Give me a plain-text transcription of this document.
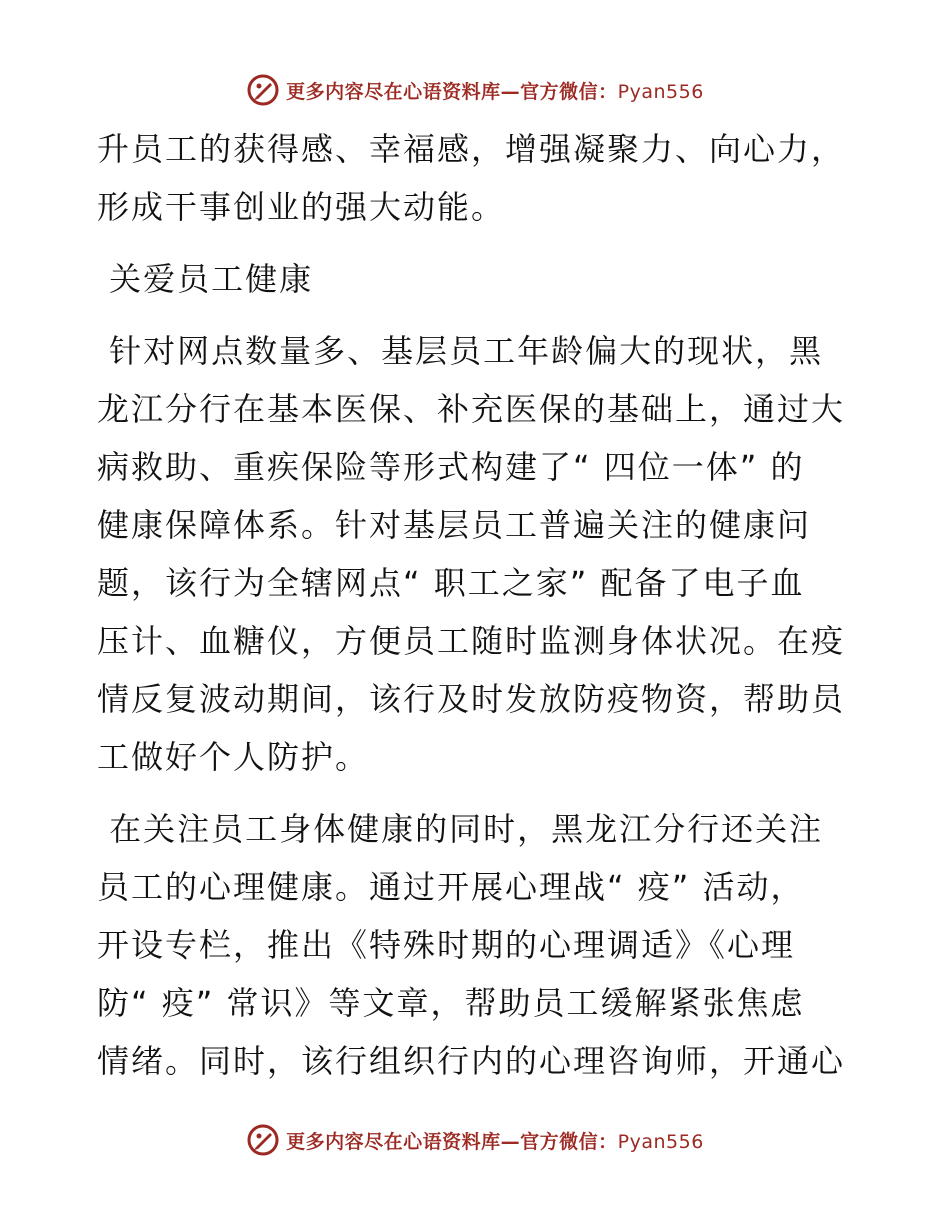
更多内容尽在心语资料库—官方微信：Pyan556

升员工的获得感、幸福感，增强凝聚力、向心力，

形成干事创业的强大动能。

关爱员工健康

针对网点数量多、基层员工年龄偏大的现状，黑

龙江分行在基本医保、补充医保的基础上，通过大

病救助、重疾保险等形式构建了“ 四位一体” 的

健康保障体系。针对基层员工普遍关注的健康问

题，该行为全辖网点“ 职工之家” 配备了电子血

压计、血糖仪，方便员工随时监测身体状况。在疫

情反复波动期间，该行及时发放防疫物资，帮助员

工做好个人防护。

在关注员工身体健康的同时，黑龙江分行还关注

员工的心理健康。通过开展心理战“ 疫” 活动，

开设专栏，推出《特殊时期的心理调适》《心理

防“ 疫” 常识》等文章，帮助员工缓解紧张焦虑

情绪。同时，该行组织行内的心理咨询师，开通心

更多内容尽在心语资料库—官方微信：Pyan556
